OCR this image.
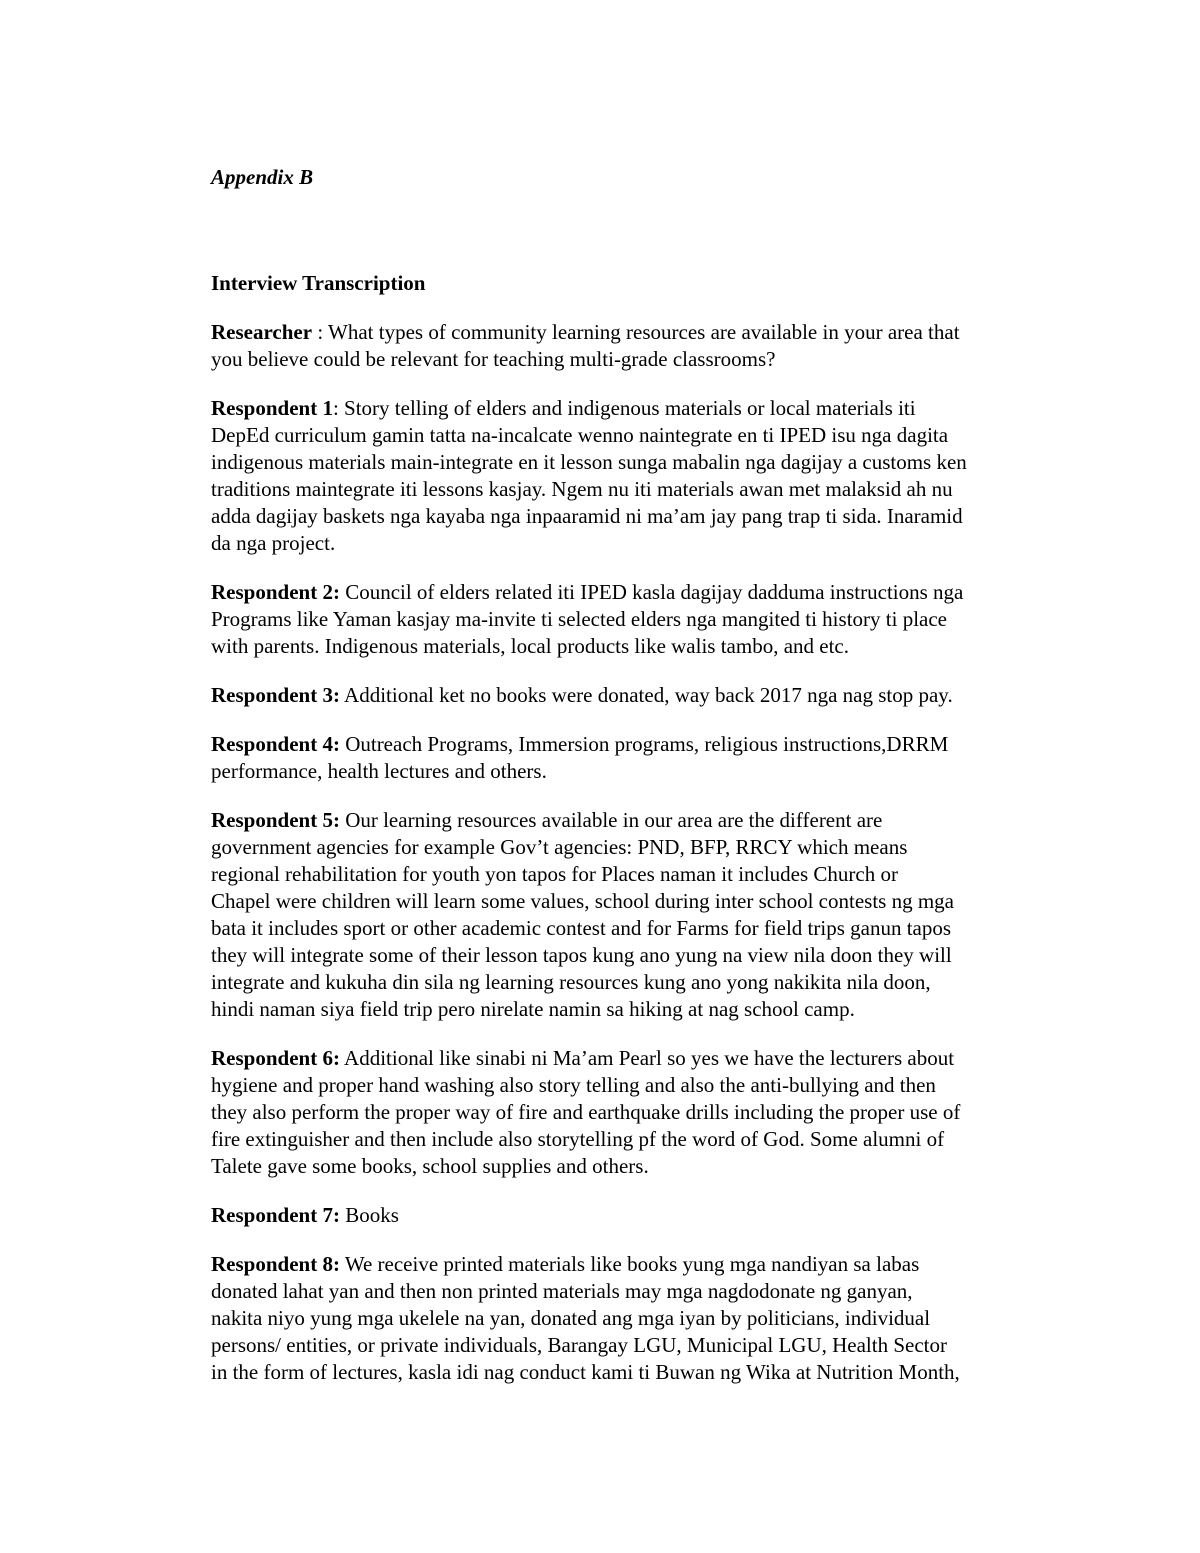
Appendix B

Interview Transcription

Researcher : What types of community learning resources are available in your area that
you believe could be relevant for teaching multi-grade classrooms?
Respondent 1: Story telling of elders and indigenous materials or local materials iti
DepEd curriculum gamin tatta na-incalcate wenno naintegrate en ti IPED isu nga dagita
indigenous materials main-integrate en it lesson sunga mabalin nga dagijay a customs ken
traditions maintegrate iti lessons kasjay. Ngem nu iti materials awan met malaksid ah nu
adda dagijay baskets nga kayaba nga inpaaramid ni ma’am jay pang trap ti sida. Inaramid
da nga project.
Respondent 2: Council of elders related iti IPED kasla dagijay dadduma instructions nga
Programs like Yaman kasjay ma-invite ti selected elders nga mangited ti history ti place
with parents. Indigenous materials, local products like walis tambo, and etc.
Respondent 3: Additional ket no books were donated, way back 2017 nga nag stop pay.
Respondent 4: Outreach Programs, Immersion programs, religious instructions,DRRM
performance, health lectures and others.
Respondent 5: Our learning resources available in our area are the different are
government agencies for example Gov’t agencies: PND, BFP, RRCY which means
regional rehabilitation for youth yon tapos for Places naman it includes Church or
Chapel were children will learn some values, school during inter school contests ng mga
bata it includes sport or other academic contest and for Farms for field trips ganun tapos
they will integrate some of their lesson tapos kung ano yung na view nila doon they will
integrate and kukuha din sila ng learning resources kung ano yong nakikita nila doon,
hindi naman siya field trip pero nirelate namin sa hiking at nag school camp.
Respondent 6: Additional like sinabi ni Ma’am Pearl so yes we have the lecturers about
hygiene and proper hand washing also story telling and also the anti-bullying and then
they also perform the proper way of fire and earthquake drills including the proper use of
fire extinguisher and then include also storytelling pf the word of God. Some alumni of
Talete gave some books, school supplies and others.
Respondent 7: Books
Respondent 8: We receive printed materials like books yung mga nandiyan sa labas
donated lahat yan and then non printed materials may mga nagdodonate ng ganyan,
nakita niyo yung mga ukelele na yan, donated ang mga iyan by politicians, individual
persons/ entities, or private individuals, Barangay LGU, Municipal LGU, Health Sector
in the form of lectures, kasla idi nag conduct kami ti Buwan ng Wika at Nutrition Month,
